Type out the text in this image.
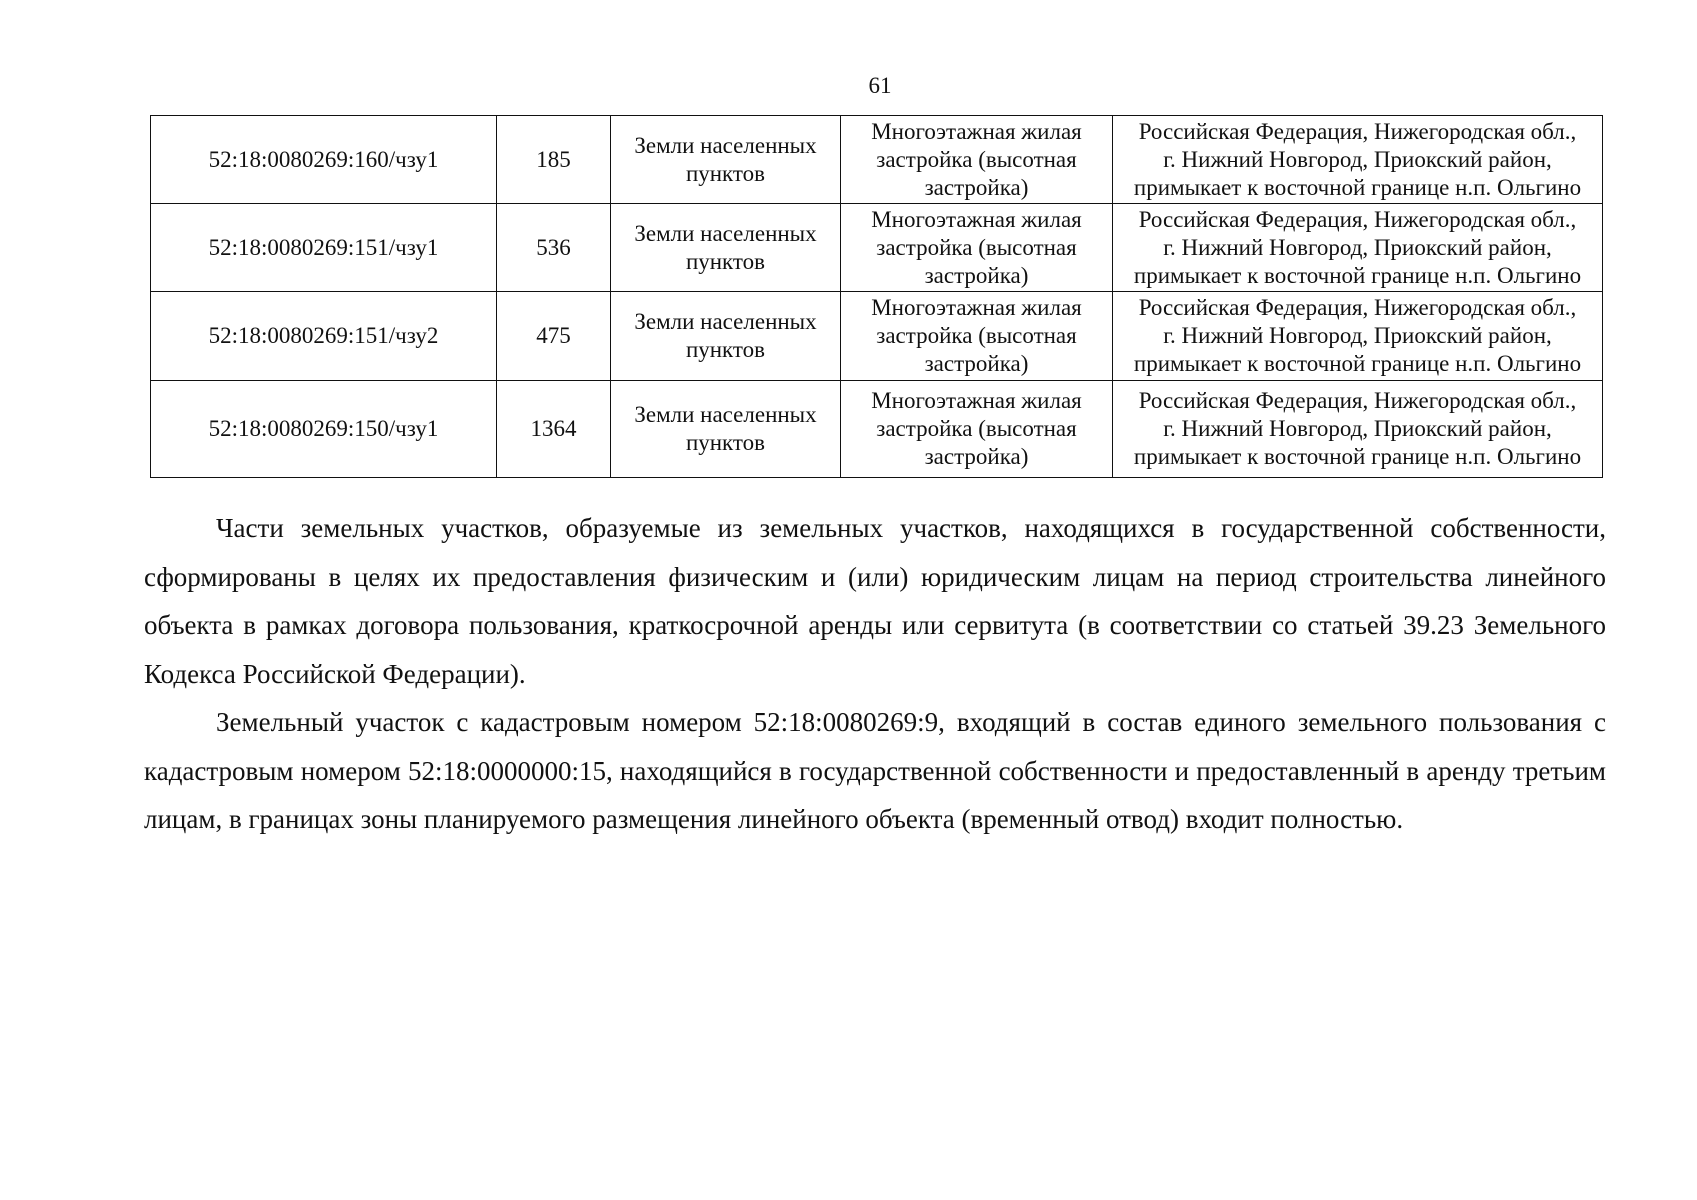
61
52:18:0080269:160/чзу1	185	Земли населенных пунктов	Многоэтажная жилая застройка (высотная застройка)	Российская Федерация, Нижегородская обл.,
г. Нижний Новгород, Приокский район,
примыкает к восточной границе н.п. Ольгино

52:18:0080269:151/чзу1	536	Земли населенных пунктов	Многоэтажная жилая застройка (высотная застройка)	Российская Федерация, Нижегородская обл.,
г. Нижний Новгород, Приокский район,
примыкает к восточной границе н.п. Ольгино

52:18:0080269:151/чзу2	475	Земли населенных пунктов	Многоэтажная жилая застройка (высотная застройка)	Российская Федерация, Нижегородская обл.,
г. Нижний Новгород, Приокский район,
примыкает к восточной границе н.п. Ольгино

52:18:0080269:150/чзу1	1364	Земли населенных пунктов	Многоэтажная жилая застройка (высотная застройка)	Российская Федерация, Нижегородская обл.,
г. Нижний Новгород, Приокский район,
примыкает к восточной границе н.п. Ольгино

Части земельных участков, образуемые из земельных участков, находящихся в государственной собственности, сформированы в целях их предоставления физическим и (или) юридическим лицам на период строительства линейного объекта в рамках договора пользования, краткосрочной аренды или сервитута (в соответствии со статьей 39.23 Земельного Кодекса Российской Федерации).

Земельный участок с кадастровым номером 52:18:0080269:9, входящий в состав единого земельного пользования с кадастровым номером 52:18:0000000:15, находящийся в государственной собственности и предоставленный в аренду третьим лицам, в границах зоны планируемого размещения линейного объекта (временный отвод) входит полностью.
